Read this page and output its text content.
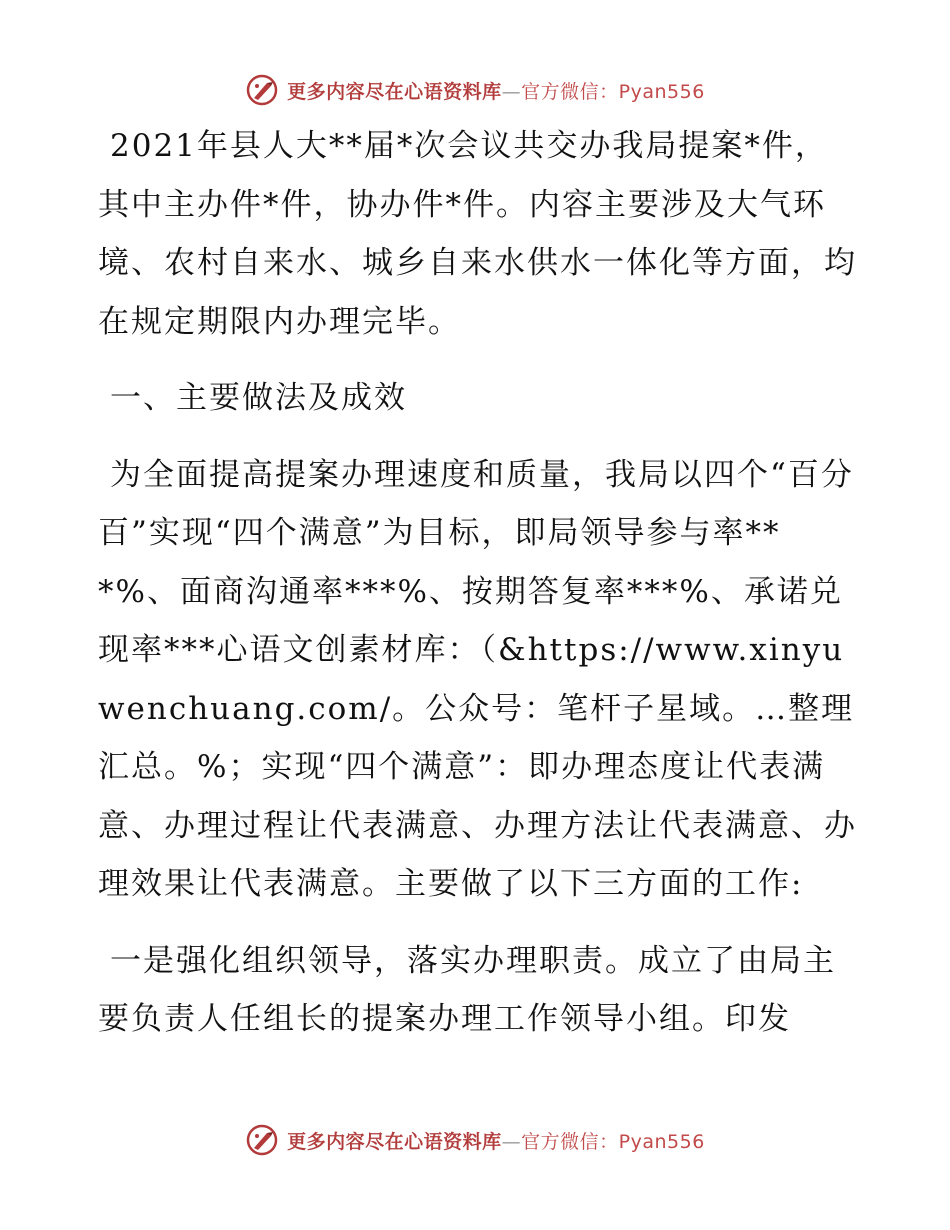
更多内容尽在心语资料库—官方微信：Pyan556

2021年县人大**届*次会议共交办我局提案*件，其中主办件*件，协办件*件。内容主要涉及大气环境、农村自来水、城乡自来水供水一体化等方面，均在规定期限内办理完毕。

一、主要做法及成效

为全面提高提案办理速度和质量，我局以四个“百分百”实现“四个满意”为目标，即局领导参与率***%、面商沟通率***%、按期答复率***%、承诺兑现率***心语文创素材库：（&https://www.xinyuwenchuang.com/。公众号：笔杆子星域。…整理汇总。%；实现“四个满意”：即办理态度让代表满意、办理过程让代表满意、办理方法让代表满意、办理效果让代表满意。主要做了以下三方面的工作:

一是强化组织领导，落实办理职责。成立了由局主要负责人任组长的提案办理工作领导小组。印发

更多内容尽在心语资料库—官方微信：Pyan556
